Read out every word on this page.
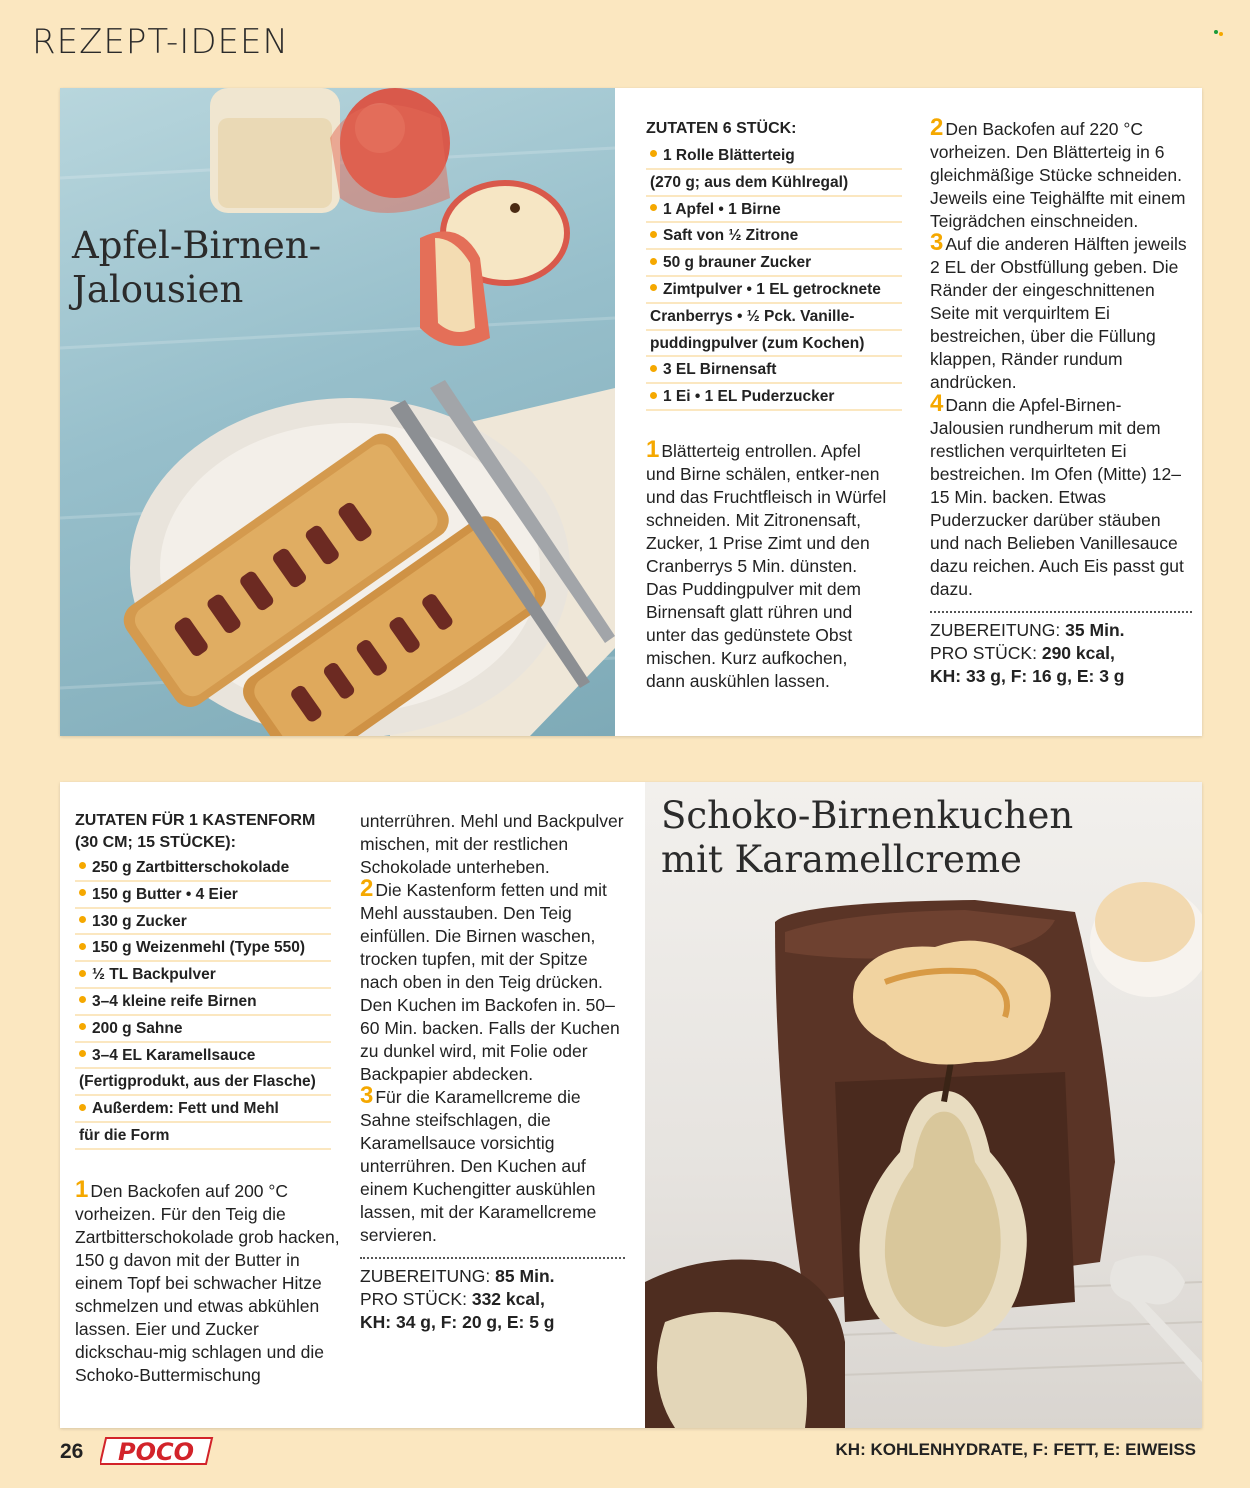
REZEPT-IDEEN
Apfel-Birnen-
Jalousien
ZUTATEN 6 STÜCK:
1 Rolle Blätterteig
(270 g; aus dem Kühlregal)
1 Apfel • 1 Birne
Saft von ½ Zitrone
50 g brauner Zucker
Zimtpulver • 1 EL getrocknete
Cranberrys • ½ Pck. Vanille-
puddingpulver (zum Kochen)
3 EL Birnensaft
1 Ei • 1 EL Puderzucker

1 Blätterteig entrollen. Apfel und Birne schälen, entker-nen und das Fruchtfleisch in Würfel schneiden. Mit Zitronensaft, Zucker, 1 Prise Zimt und den Cranberrys 5 Min. dünsten. Das Puddingpulver mit dem Birnensaft glatt rühren und unter das gedünstete Obst mischen. Kurz aufkochen, dann auskühlen lassen.

2 Den Backofen auf 220 °C vorheizen. Den Blätterteig in 6 gleichmäßige Stücke schneiden. Jeweils eine Teighälfte mit einem Teigrädchen einschneiden.

3 Auf die anderen Hälften jeweils 2 EL der Obstfüllung geben. Die Ränder der eingeschnittenen Seite mit verquirltem Ei bestreichen, über die Füllung klappen, Ränder rundum andrücken.

4 Dann die Apfel-Birnen-Jalousien rundherum mit dem restlichen verquirlteten Ei bestreichen. Im Ofen (Mitte) 12–15 Min. backen. Etwas Puderzucker darüber stäuben und nach Belieben Vanillesauce dazu reichen. Auch Eis passt gut dazu.

ZUBEREITUNG: 35 Min.
PRO STÜCK: 290 kcal,
KH: 33 g, F: 16 g, E: 3 g
ZUTATEN FÜR 1 KASTENFORM
(30 CM; 15 STÜCKE):
250 g Zartbitterschokolade
150 g Butter • 4 Eier
130 g Zucker
150 g Weizenmehl (Type 550)
½ TL Backpulver
3–4 kleine reife Birnen
200 g Sahne
3–4 EL Karamellsauce
(Fertigprodukt, aus der Flasche)
Außerdem: Fett und Mehl
für die Form

1 Den Backofen auf 200 °C vorheizen. Für den Teig die Zartbitterschokolade grob hacken, 150 g davon mit der Butter in einem Topf bei schwacher Hitze schmelzen und etwas abkühlen lassen. Eier und Zucker dickschau-mig schlagen und die Schoko-Buttermischung

unterrühren. Mehl und Backpulver mischen, mit der restlichen Schokolade unterheben.

2 Die Kastenform fetten und mit Mehl ausstauben. Den Teig einfüllen. Die Birnen waschen, trocken tupfen, mit der Spitze nach oben in den Teig drücken. Den Kuchen im Backofen in. 50–60 Min. backen. Falls der Kuchen zu dunkel wird, mit Folie oder Backpapier abdecken.

3 Für die Karamellcreme die Sahne steifschlagen, die Karamellsauce vorsichtig unterrühren. Den Kuchen auf einem Kuchengitter auskühlen lassen, mit der Karamellcreme servieren.

ZUBEREITUNG: 85 Min.
PRO STÜCK: 332 kcal,
KH: 34 g, F: 20 g, E: 5 g
Schoko-Birnenkuchen
mit Karamellcreme
26 POCO	KH: KOHLENHYDRATE, F: FETT, E: EIWEISS
